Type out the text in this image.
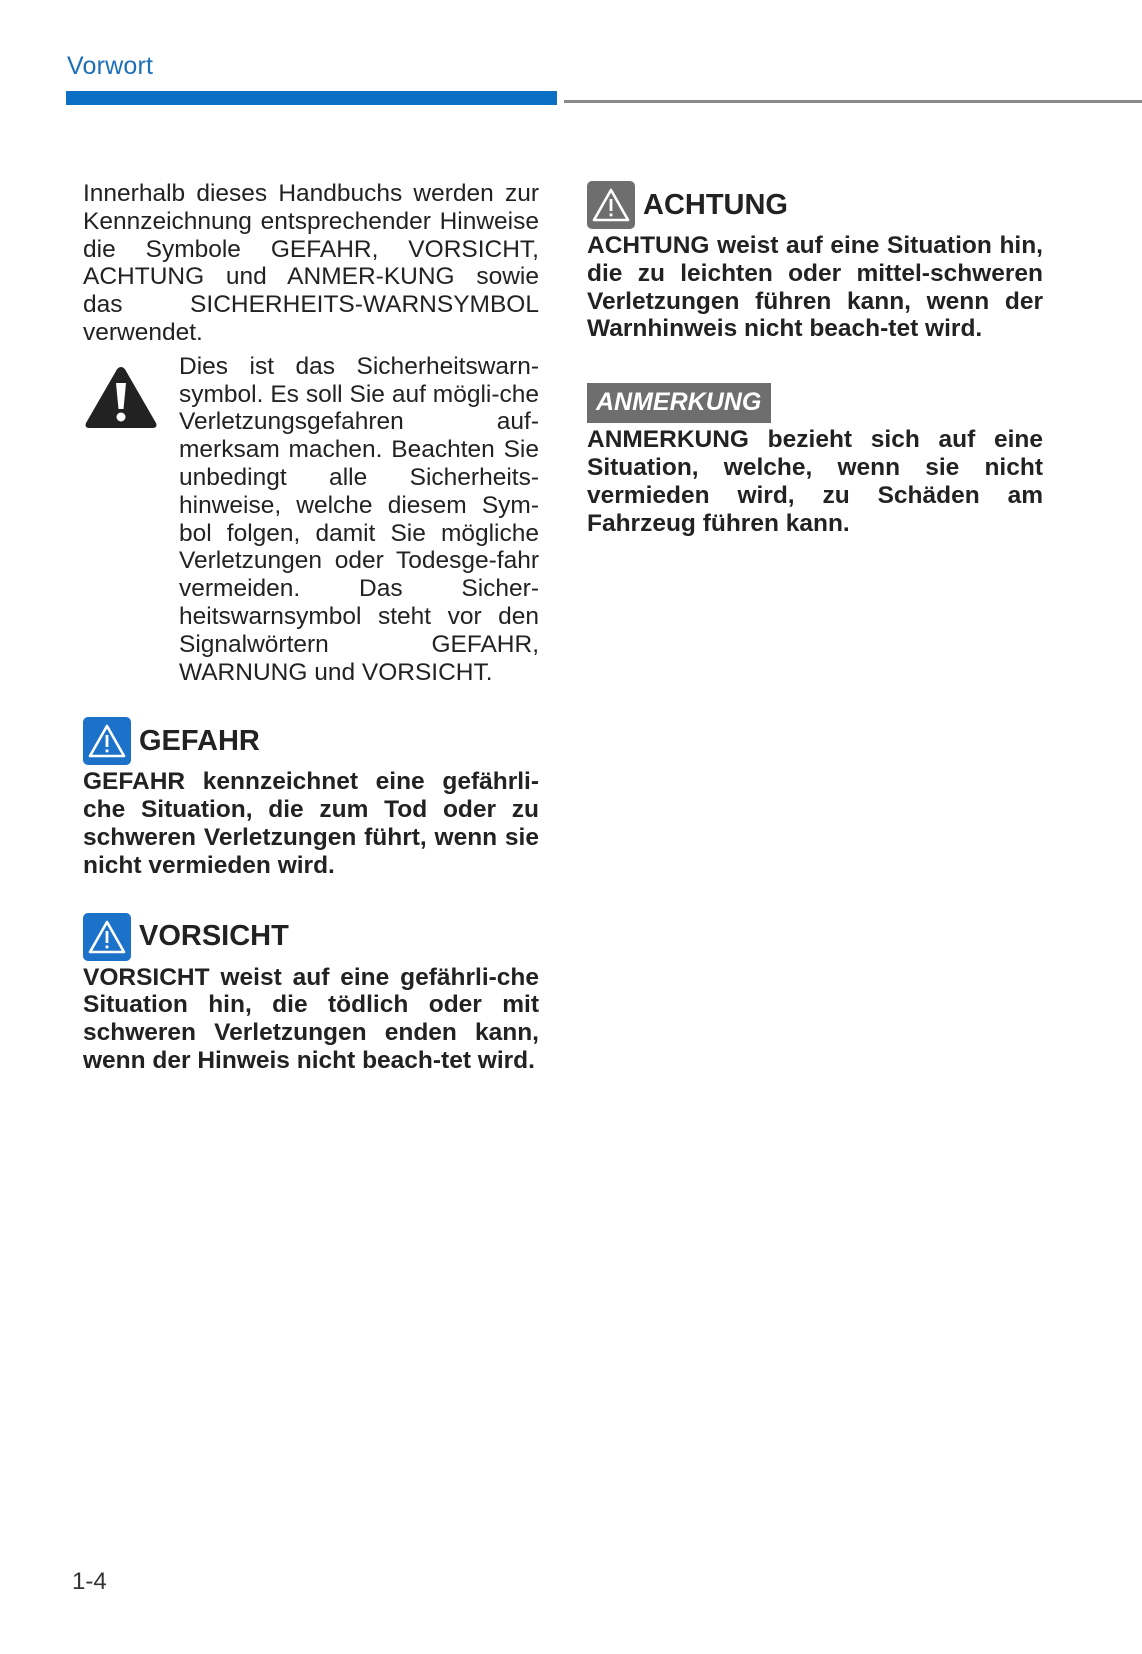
Vorwort

Innerhalb dieses Handbuchs werden zur Kennzeichnung entsprechender Hinweise die Symbole GEFAHR, VORSICHT, ACHTUNG und ANMER-KUNG sowie das SICHERHEITS-WARNSYMBOL verwendet.

Dies ist das Sicherheitswarn-symbol. Es soll Sie auf mögli-che Verletzungsgefahren auf-merksam machen. Beachten Sie unbedingt alle Sicherheits-hinweise, welche diesem Sym-bol folgen, damit Sie mögliche Verletzungen oder Todesge-fahr vermeiden. Das Sicher-heitswarnsymbol steht vor den Signalwörtern GEFAHR, WARNUNG und VORSICHT.

GEFAHR

GEFAHR kennzeichnet eine gefährli-che Situation, die zum Tod oder zu schweren Verletzungen führt, wenn sie nicht vermieden wird.

VORSICHT

VORSICHT weist auf eine gefährli-che Situation hin, die tödlich oder mit schweren Verletzungen enden kann, wenn der Hinweis nicht beach-tet wird.

ACHTUNG

ACHTUNG weist auf eine Situation hin, die zu leichten oder mittel-schweren Verletzungen führen kann, wenn der Warnhinweis nicht beach-tet wird.

ANMERKUNG

ANMERKUNG bezieht sich auf eine Situation, welche, wenn sie nicht vermieden wird, zu Schäden am Fahrzeug führen kann.

1-4
